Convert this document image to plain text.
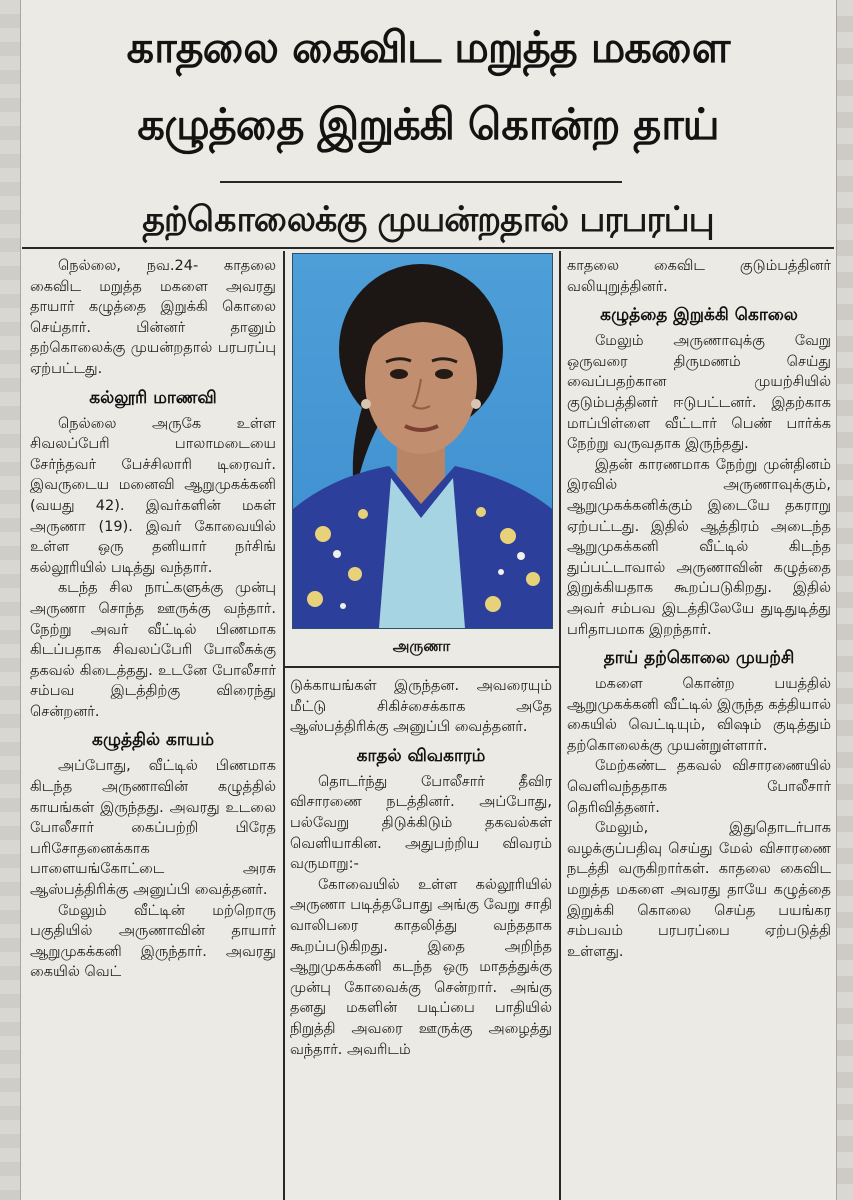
காதலை கைவிட மறுத்த மகளை
கழுத்தை இறுக்கி கொன்ற தாய்
தற்கொலைக்கு முயன்றதால் பரபரப்பு
அருணா

நெல்லை, நவ.24- காதலை கைவிட மறுத்த மகளை அவரது தாயார் கழுத்தை இறுக்கி கொலை செய்தார். பின்னர் தானும் தற்கொலைக்கு முயன்றதால் பரபரப்பு ஏற்பட்டது.

கல்லூரி மாணவி

நெல்லை அருகே உள்ள சிவலப்பேரி பாலாமடையை சேர்ந்தவர் பேச்சிலாரி டிரைவர். இவருடைய மனைவி ஆறுமுகக்கனி (வயது 42). இவர்களின் மகள் அருணா (19). இவர் கோவையில் உள்ள ஒரு தனியார் நர்சிங் கல்லூரியில் படித்து வந்தார்.

கடந்த சில நாட்களுக்கு முன்பு அருணா சொந்த ஊருக்கு வந்தார். நேற்று அவர் வீட்டில் பிணமாக கிடப்பதாக சிவலப்பேரி போலீசுக்கு தகவல் கிடைத்தது. உடனே போலீசார் சம்பவ இடத்திற்கு விரைந்து சென்றனர்.

கழுத்தில் காயம்

அப்போது, வீட்டில் பிணமாக கிடந்த அருணாவின் கழுத்தில் காயங்கள் இருந்தது. அவரது உடலை போலீசார் கைப்பற்றி பிரேத பரிசோதனைக்காக பாளையங்கோட்டை அரசு ஆஸ்பத்திரிக்கு அனுப்பி வைத்தனர்.

மேலும் வீட்டின் மற்றொரு பகுதியில் அருணாவின் தாயார் ஆறுமுகக்கனி இருந்தார். அவரது கையில் வெட்

டுக்காயங்கள் இருந்தன. அவரையும் மீட்டு சிகிச்சைக்காக அதே ஆஸ்பத்திரிக்கு அனுப்பி வைத்தனர்.

காதல் விவகாரம்

தொடர்ந்து போலீசார் தீவிர விசாரணை நடத்தினர். அப்போது, பல்வேறு திடுக்கிடும் தகவல்கள் வெளியாகின. அதுபற்றிய விவரம் வருமாறு:-

கோவையில் உள்ள கல்லூரியில் அருணா படித்தபோது அங்கு வேறு சாதி வாலிபரை காதலித்து வந்ததாக கூறப்படுகிறது. இதை அறிந்த ஆறுமுகக்கனி கடந்த ஒரு மாதத்துக்கு முன்பு கோவைக்கு சென்றார். அங்கு தனது மகளின் படிப்பை பாதியில் நிறுத்தி அவரை ஊருக்கு அழைத்து வந்தார். அவரிடம்

காதலை கைவிட குடும்பத்தினர் வலியுறுத்தினர்.

கழுத்தை இறுக்கி கொலை

மேலும் அருணாவுக்கு வேறு ஒருவரை திருமணம் செய்து வைப்பதற்கான முயற்சியில் குடும்பத்தினர் ஈடுபட்டனர். இதற்காக மாப்பிள்ளை வீட்டார் பெண் பார்க்க நேற்று வருவதாக இருந்தது.

இதன் காரணமாக நேற்று முன்தினம் இரவில் அருணாவுக்கும், ஆறுமுகக்கனிக்கும் இடையே தகராறு ஏற்பட்டது. இதில் ஆத்திரம் அடைந்த ஆறுமுகக்கனி வீட்டில் கிடந்த துப்பட்டாவால் அருணாவின் கழுத்தை இறுக்கியதாக கூறப்படுகிறது. இதில் அவர் சம்பவ இடத்திலேயே துடிதுடித்து பரிதாபமாக இறந்தார்.

தாய் தற்கொலை முயற்சி

மகளை கொன்ற பயத்தில் ஆறுமுகக்கனி வீட்டில் இருந்த கத்தியால் கையில் வெட்டியும், விஷம் குடித்தும் தற்கொலைக்கு முயன்றுள்ளார்.

மேற்கண்ட தகவல் விசாரணையில் வெளிவந்ததாக போலீசார் தெரிவித்தனர்.

மேலும், இதுதொடர்பாக வழக்குப்பதிவு செய்து மேல் விசாரணை நடத்தி வருகிறார்கள். காதலை கைவிட மறுத்த மகளை அவரது தாயே கழுத்தை இறுக்கி கொலை செய்த பயங்கர சம்பவம் பரபரப்பை ஏற்படுத்தி உள்ளது.
